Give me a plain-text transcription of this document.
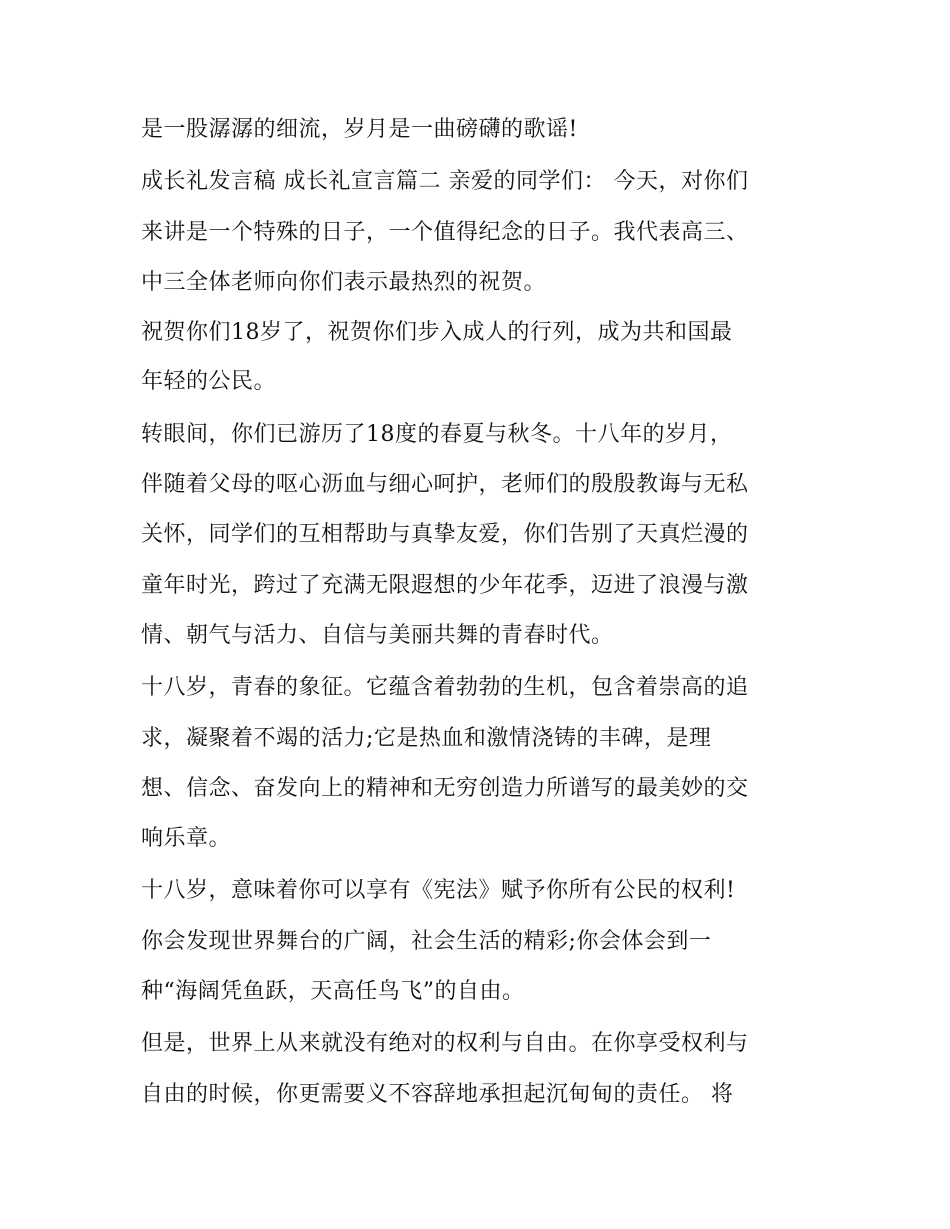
是一股潺潺的细流，岁月是一曲磅礴的歌谣!
成长礼发言稿 成长礼宣言篇二 亲爱的同学们： 今天，对你们
来讲是一个特殊的日子，一个值得纪念的日子。我代表高三、
中三全体老师向你们表示最热烈的祝贺。
祝贺你们18岁了，祝贺你们步入成人的行列，成为共和国最
年轻的公民。
转眼间，你们已游历了18度的春夏与秋冬。十八年的岁月，
伴随着父母的呕心沥血与细心呵护，老师们的殷殷教诲与无私
关怀，同学们的互相帮助与真挚友爱，你们告别了天真烂漫的
童年时光，跨过了充满无限遐想的少年花季，迈进了浪漫与激
情、朝气与活力、自信与美丽共舞的青春时代。
十八岁，青春的象征。它蕴含着勃勃的生机，包含着崇高的追
求，凝聚着不竭的活力;它是热血和激情浇铸的丰碑，是理
想、信念、奋发向上的精神和无穷创造力所谱写的最美妙的交
响乐章。
十八岁，意味着你可以享有《宪法》赋予你所有公民的权利!
你会发现世界舞台的广阔，社会生活的精彩;你会体会到一
种“海阔凭鱼跃，天高任鸟飞”的自由。
但是，世界上从来就没有绝对的权利与自由。在你享受权利与
自由的时候，你更需要义不容辞地承担起沉甸甸的责任。 将
